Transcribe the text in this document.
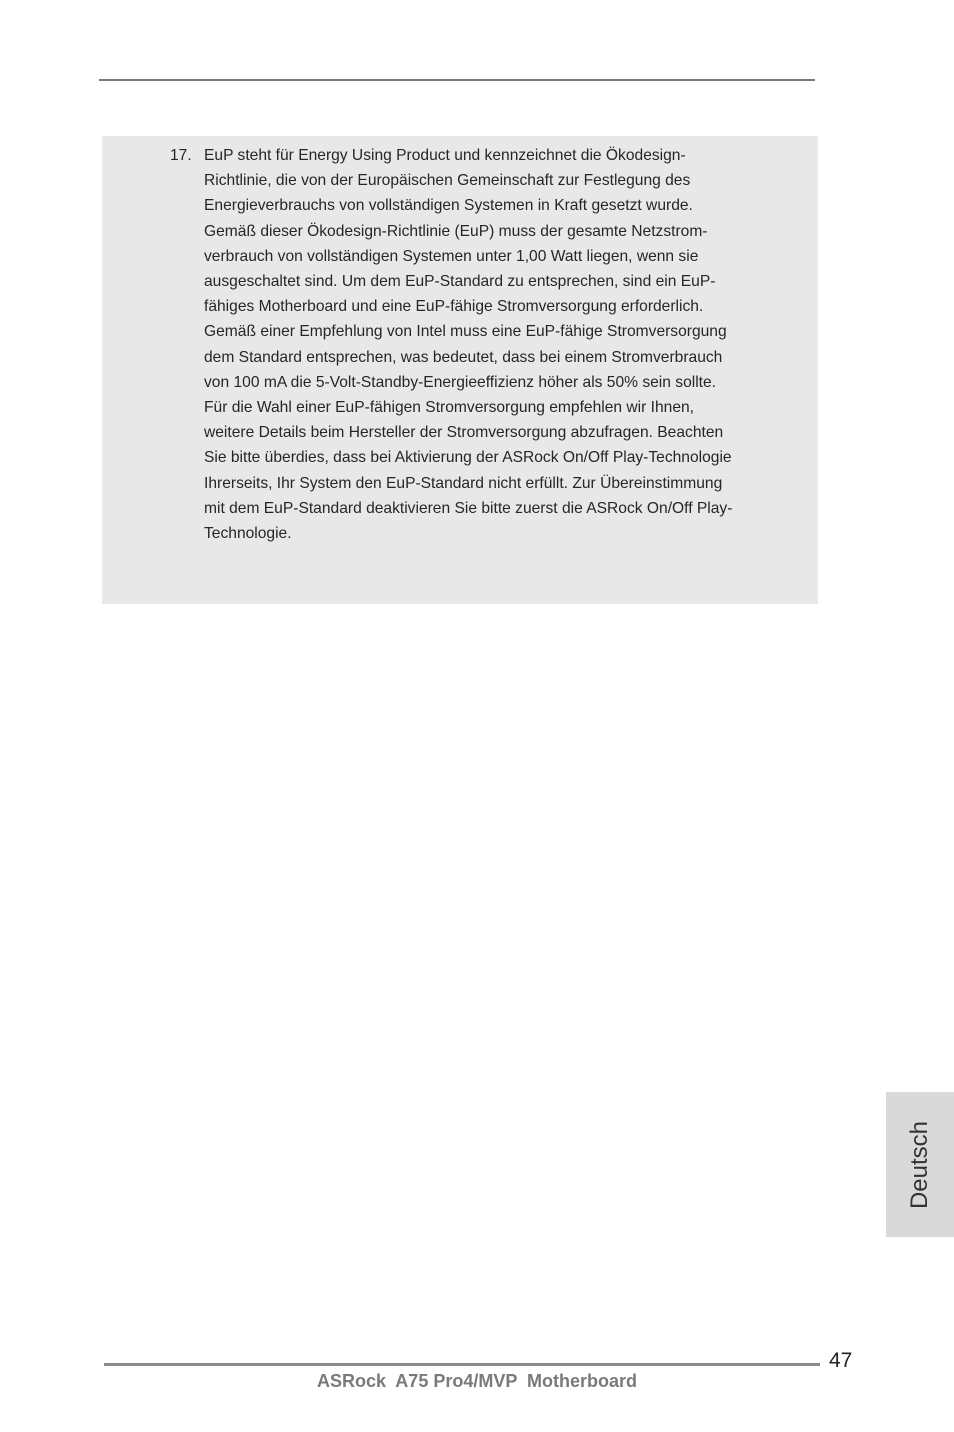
17. EuP steht für Energy Using Product und kennzeichnet die Ökodesign-
Richtlinie, die von der Europäischen Gemeinschaft zur Festlegung des
Energieverbrauchs von vollständigen Systemen in Kraft gesetzt wurde.
Gemäß dieser Ökodesign-Richtlinie (EuP) muss der gesamte Netzstrom-
verbrauch von vollständigen Systemen unter 1,00 Watt liegen, wenn sie
ausgeschaltet sind. Um dem EuP-Standard zu entsprechen, sind ein EuP-
fähiges Motherboard und eine EuP-fähige Stromversorgung erforderlich.
Gemäß einer Empfehlung von Intel muss eine EuP-fähige Stromversorgung
dem Standard entsprechen, was bedeutet, dass bei einem Stromverbrauch
von 100 mA die 5-Volt-Standby-Energieeffizienz höher als 50% sein sollte.
Für die Wahl einer EuP-fähigen Stromversorgung empfehlen wir Ihnen,
weitere Details beim Hersteller der Stromversorgung abzufragen. Beachten
Sie bitte überdies, dass bei Aktivierung der ASRock On/Off Play-Technologie
Ihrerseits, Ihr System den EuP-Standard nicht erfüllt. Zur Übereinstimmung
mit dem EuP-Standard deaktivieren Sie bitte zuerst die ASRock On/Off Play-
Technologie.
Deutsch
47
ASRock  A75 Pro4/MVP  Motherboard
